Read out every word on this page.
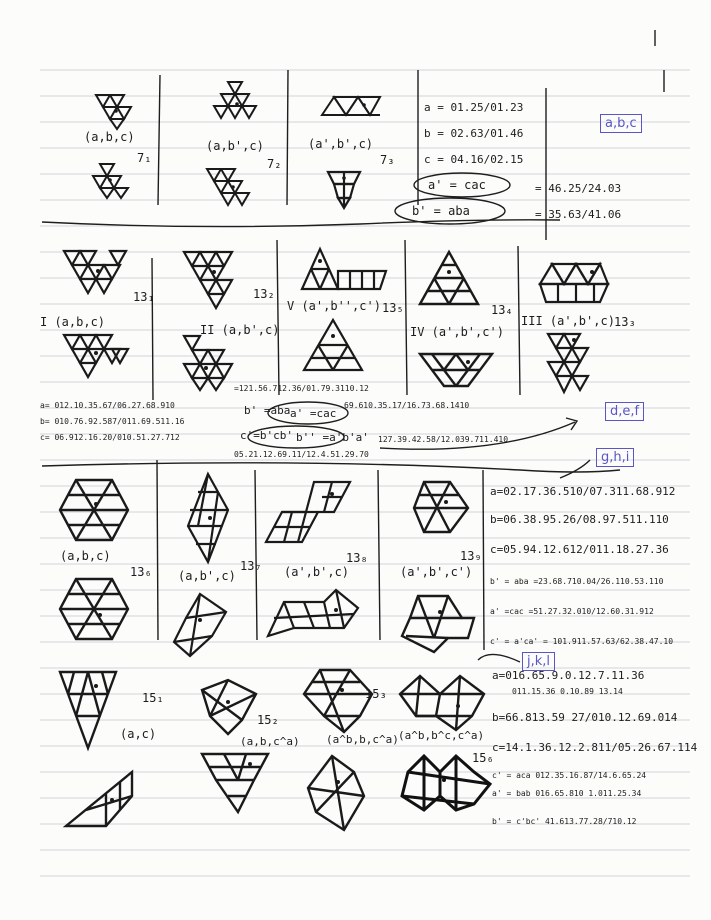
(a,b,c)
(a,b',c)	(a',b',c)
7₁	7₂	7₃
a = 01.25/01.23
b = 02.63/01.46
c = 04.16/02.15
a' = cac
b' = aba
= 46.25/24.03
= 35.63/41.06
a,b,c
I (a,b,c)
II (a,b',c)
V (a',b'',c')
IV (a',b',c')
III (a',b',c)
13₁	13₂
13₅	13₄
13₃
=121.56.712.36/01.79.3110.12
a= 012.10.35.67/06.27.68.910
b= 010.76.92.587/011.69.511.16
c= 06.912.16.20/010.51.27.712
b' =aba a' =cac
69.610.35.17/16.73.68.1410
c'=b'cb' b'' =a'b'a' 127.39.42.58/12.039.711.410
05.21.12.69.11/12.4.51.29.70
d,e,f
(a,b,c)
(a,b',c)	(a',b',c)	(a',b',c')
13₆	13₇
13₈	13₉
a=02.17.36.510/07.311.68.912
b=06.38.95.26/08.97.511.110
c=05.94.12.612/011.18.27.36
b' = aba =23.68.710.04/26.110.53.110
a' =cac =51.27.32.010/12.60.31.912
c' = a'ca' = 101.911.57.63/62.38.47.10
g,h,i
(a,c)
(a,b,c^a) (a^b,b,c^a) (a^b,b^c,c^a)
15₁
15₂
15₃
15₆
a=016.65.9.0.12.7.11.36
011.15.36 0.10.89 13.14
b=66.813.59 27/010.12.69.014
c=14.1.36.12.2.811/05.26.67.114
c' = aca 012.35.16.87/14.6.65.24
a' = bab 016.65.810 1.011.25.34
b' = c'bc' 41.613.77.28/710.12
j,k,l
